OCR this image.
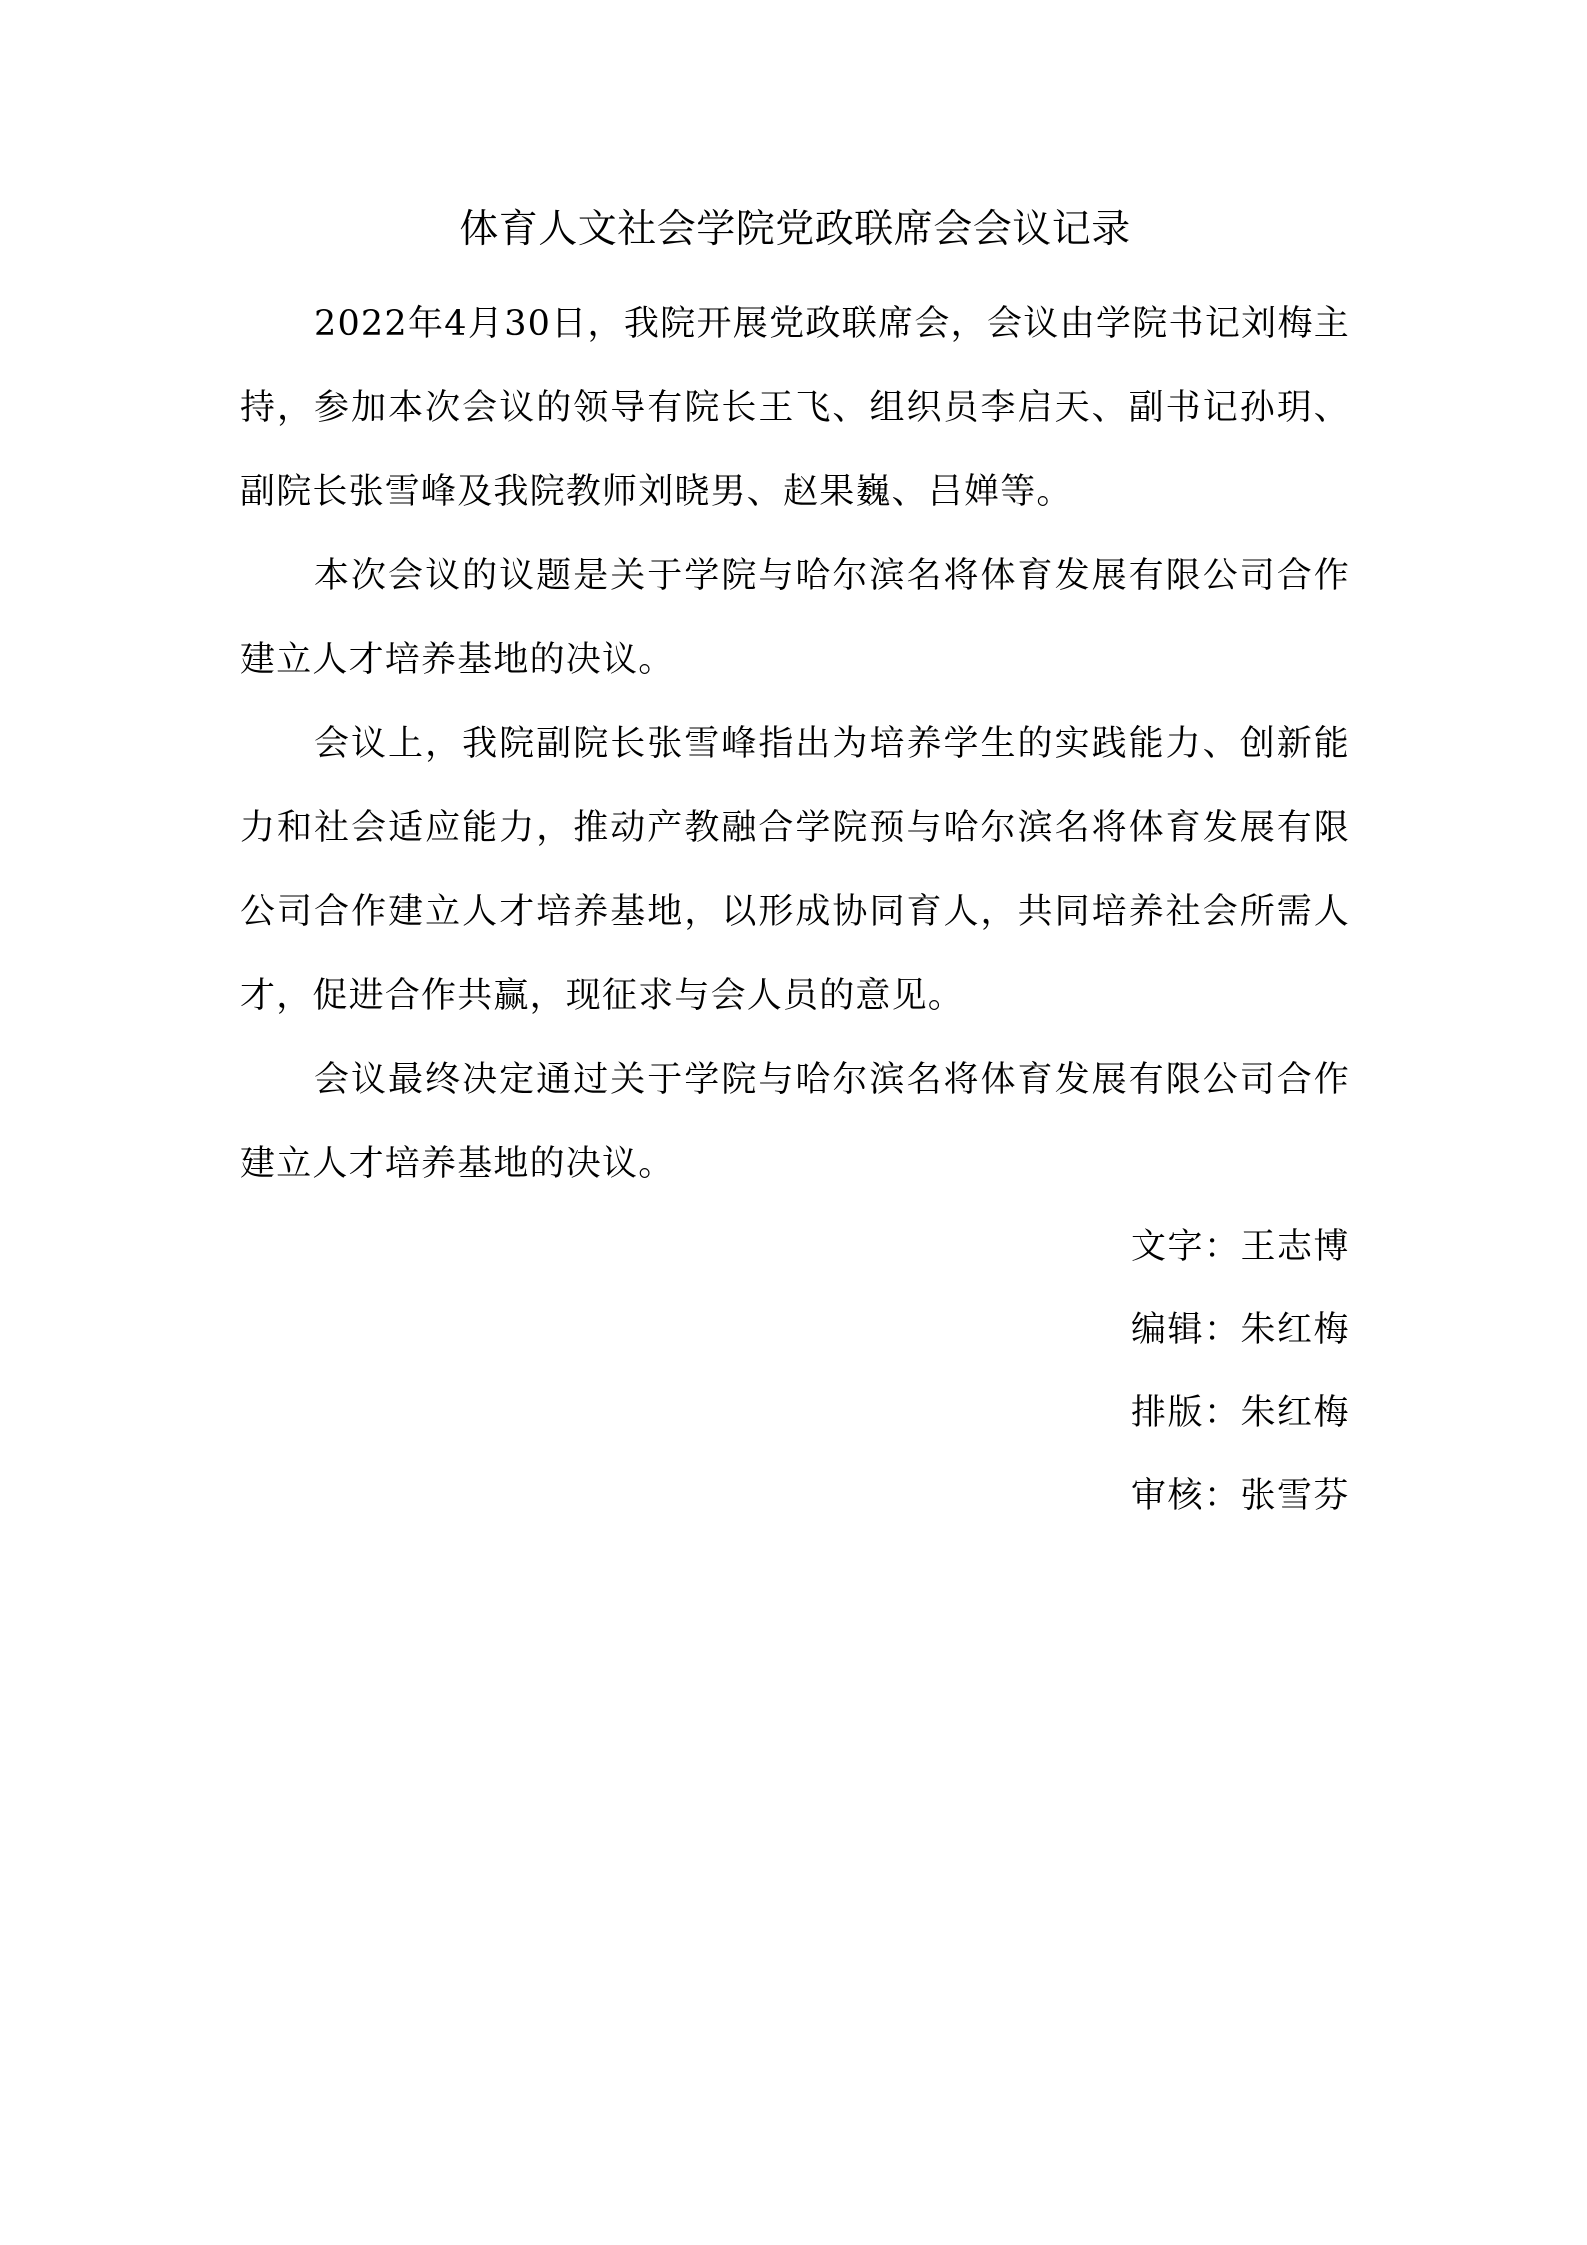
体育人文社会学院党政联席会会议记录

2022年4月30日，我院开展党政联席会，会议由学院书记刘梅主持，参加本次会议的领导有院长王飞、组织员李启天、副书记孙玥、副院长张雪峰及我院教师刘晓男、赵果巍、吕婵等。

本次会议的议题是关于学院与哈尔滨名将体育发展有限公司合作建立人才培养基地的决议。

会议上，我院副院长张雪峰指出为培养学生的实践能力、创新能力和社会适应能力，推动产教融合学院预与哈尔滨名将体育发展有限公司合作建立人才培养基地，以形成协同育人，共同培养社会所需人才，促进合作共赢，现征求与会人员的意见。

会议最终决定通过关于学院与哈尔滨名将体育发展有限公司合作建立人才培养基地的决议。

文字：王志博
编辑：朱红梅
排版：朱红梅
审核：张雪芬
